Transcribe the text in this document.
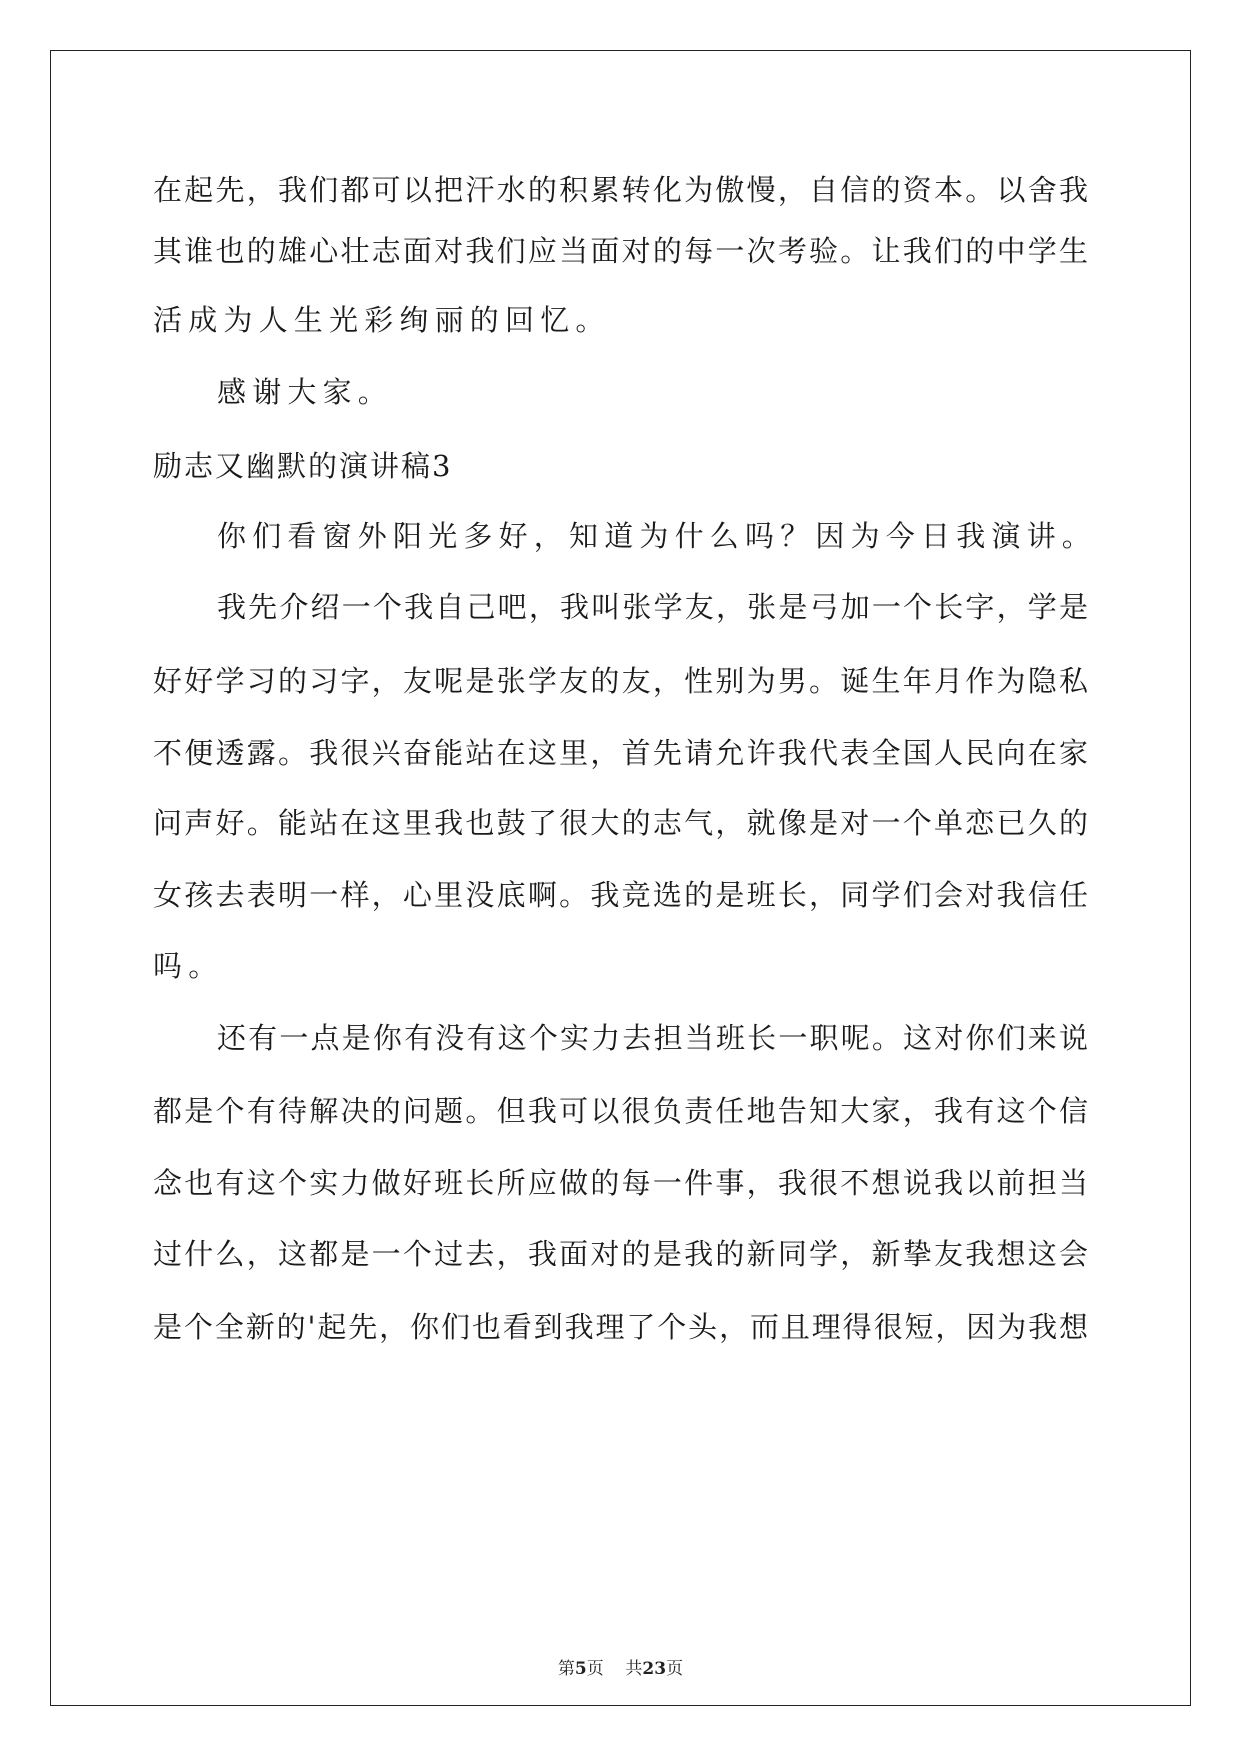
在起先，我们都可以把汗水的积累转化为傲慢，自信的资本。以舍我
其谁也的雄心壮志面对我们应当面对的每一次考验。让我们的中学生
活成为人生光彩绚丽的回忆。
感谢大家。
励志又幽默的演讲稿3
你们看窗外阳光多好，知道为什么吗？因为今日我演讲。
我先介绍一个我自己吧，我叫张学友，张是弓加一个长字，学是
好好学习的习字，友呢是张学友的友，性别为男。诞生年月作为隐私
不便透露。我很兴奋能站在这里，首先请允许我代表全国人民向在家
问声好。能站在这里我也鼓了很大的志气，就像是对一个单恋已久的
女孩去表明一样，心里没底啊。我竞选的是班长，同学们会对我信任
吗。
还有一点是你有没有这个实力去担当班长一职呢。这对你们来说
都是个有待解决的问题。但我可以很负责任地告知大家，我有这个信
念也有这个实力做好班长所应做的每一件事，我很不想说我以前担当
过什么，这都是一个过去，我面对的是我的新同学，新挚友我想这会
是个全新的'起先，你们也看到我理了个头，而且理得很短，因为我想
第5页 共23页
